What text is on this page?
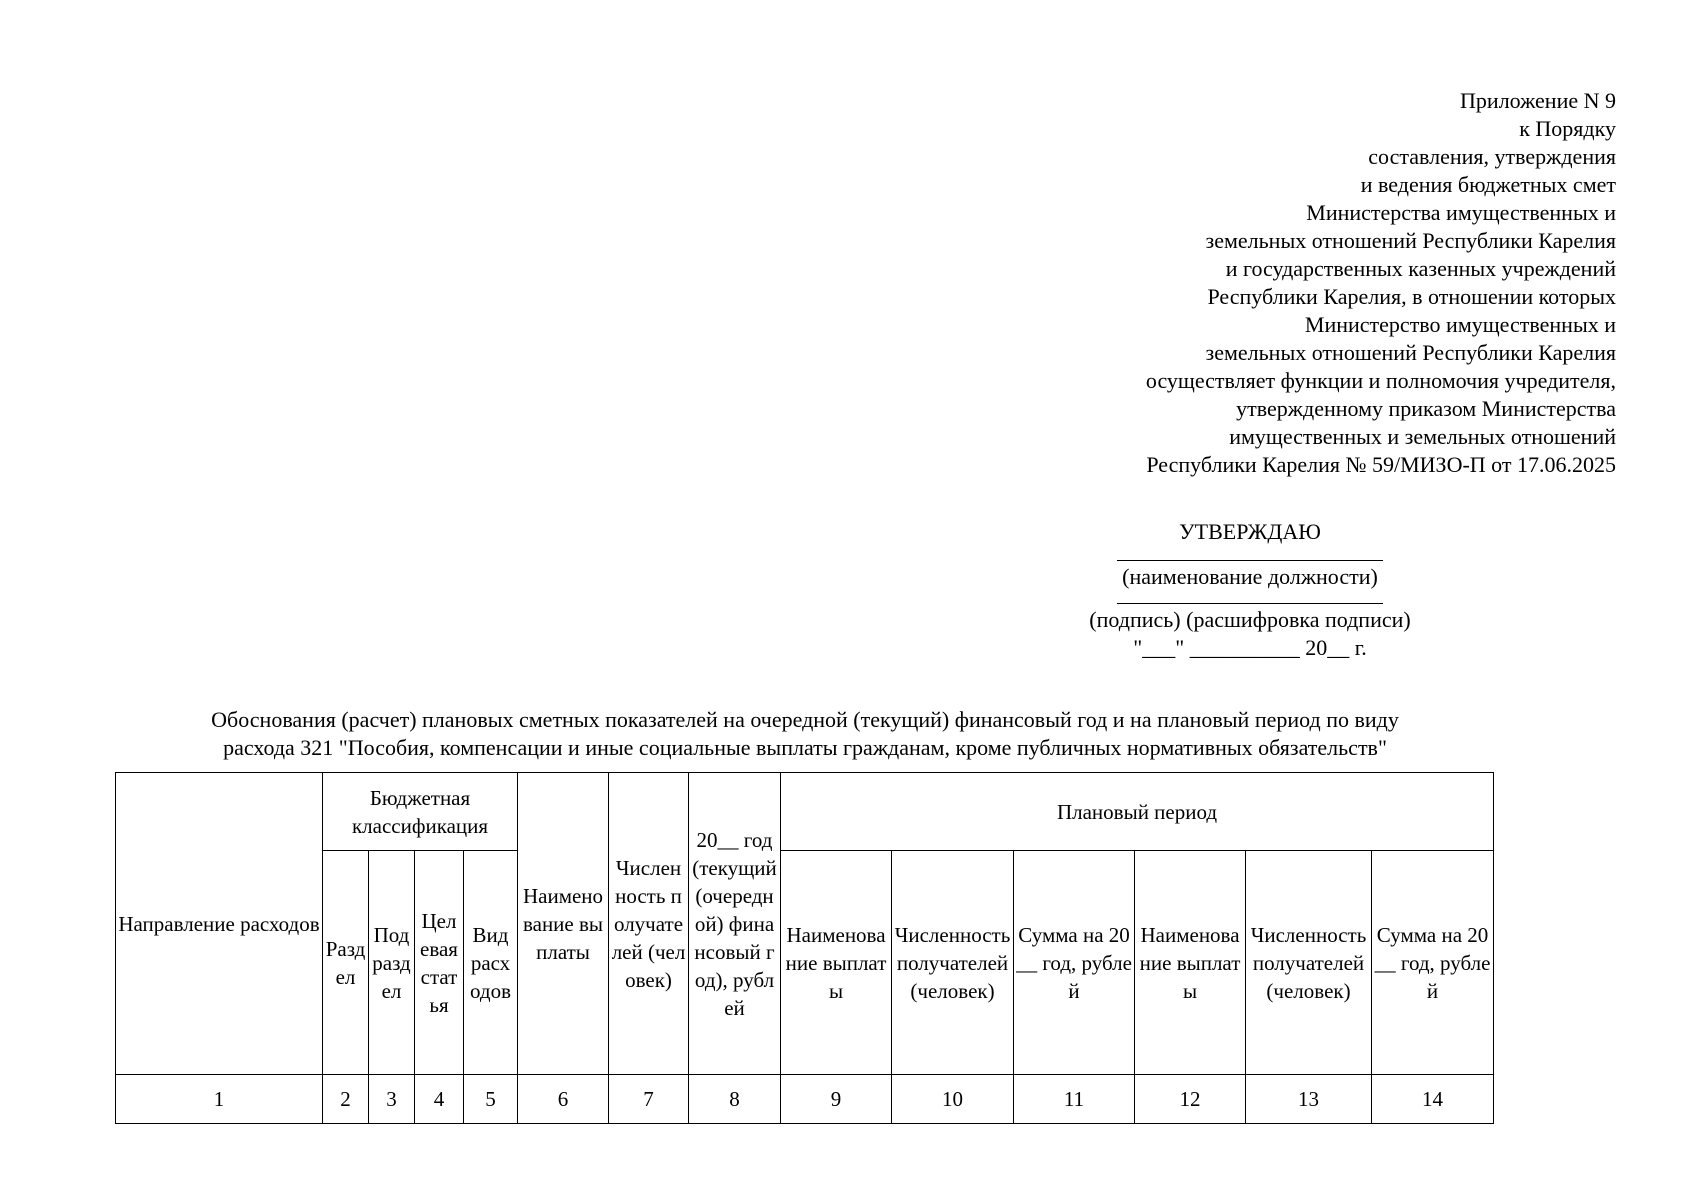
Приложение N 9
к Порядку
составления, утверждения
и ведения бюджетных смет
Министерства имущественных и
земельных отношений Республики Карелия
и государственных казенных учреждений
Республики Карелия, в отношении которых
Министерство имущественных и
земельных отношений Республики Карелия
осуществляет функции и полномочия учредителя,
утвержденному приказом Министерства
имущественных и земельных отношений
Республики Карелия № 59/МИЗО-П от 17.06.2025
УТВЕРЖДАЮ
(наименование должности)
(подпись) (расшифровка подписи)
"___" __________ 20__ г.
Обоснования (расчет) плановых сметных показателей на очередной (текущий) финансовый год и на плановый период по виду
расхода 321 "Пособия, компенсации и иные социальные выплаты гражданам, кроме публичных нормативных обязательств"
Направление расходов	Бюджетная классификация				Наименование выплаты	Численность получателей (человек)	20__ год (текущий (очередной) финансовый год), рублей	Плановый период					
	Раздел	Подраздел	Целевая статья	Вид расходов				Наименование выплаты	Численность получателей (человек)	Сумма на 20__ год, рублей	Наименование выплаты	Численность получателей (человек)	Сумма на 20__ год, рублей
1	2	3	4	5	6	7	8	9	10	11	12	13	14
